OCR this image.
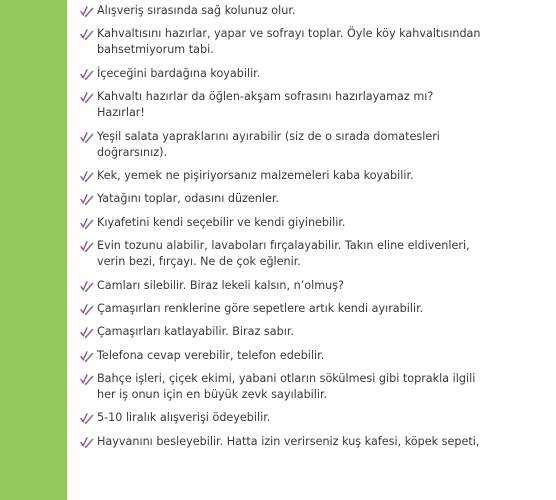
Alışveriş sırasında sağ kolunuz olur.
Kahvaltısını hazırlar, yapar ve sofrayı toplar. Öyle köy kahvaltısından
bahsetmiyorum tabi.
İçeceğini bardağına koyabilir.
Kahvaltı hazırlar da öğlen-akşam sofrasını hazırlayamaz mı?
Hazırlar!
Yeşil salata yapraklarını ayırabilir (siz de o sırada domatesleri
doğrarsınız).
Kek, yemek ne pişiriyorsanız malzemeleri kaba koyabilir.
Yatağını toplar, odasını düzenler.
Kıyafetini kendi seçebilir ve kendi giyinebilir.
Evin tozunu alabilir, lavaboları fırçalayabilir. Takın eline eldivenleri,
verin bezi, fırçayı. Ne de çok eğlenir.
Camları silebilir. Biraz lekeli kalsın, n’olmuş?
Çamaşırları renklerine göre sepetlere artık kendi ayırabilir.
Çamaşırları katlayabilir. Biraz sabır.
Telefona cevap verebilir, telefon edebilir.
Bahçe işleri, çiçek ekimi, yabani otların sökülmesi gibi toprakla ilgili
her iş onun için en büyük zevk sayılabilir.
5-10 liralık alışverişi ödeyebilir.
Hayvanını besleyebilir. Hatta izin verirseniz kuş kafesi, köpek sepeti,
